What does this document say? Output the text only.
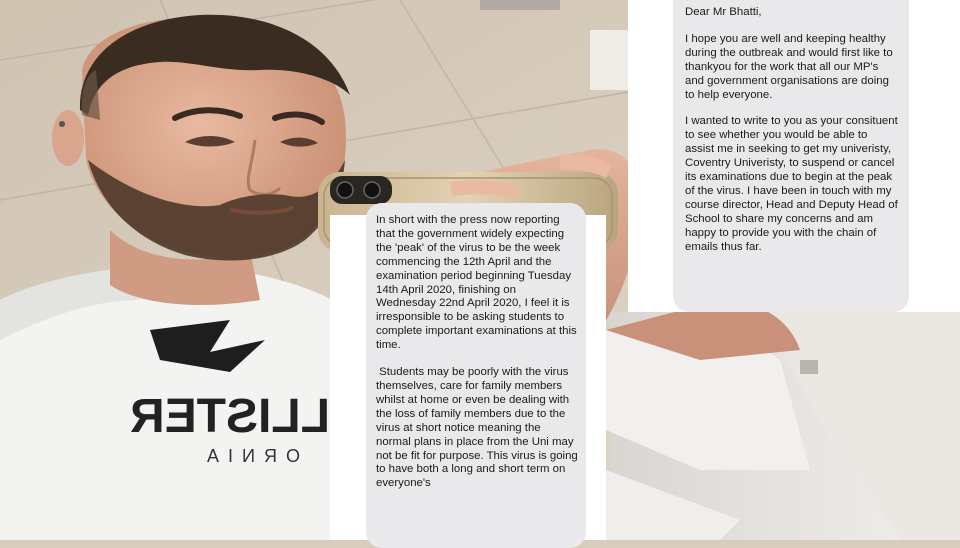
LLISTER
ORNIA

Dear Mr Bhatti,

I hope you are well and keeping healthy during the outbreak and would first like to thankyou for the work that all our MP's and government organisations are doing to help everyone.

I wanted to write to you as your consituent to see whether you would be able to assist me in seeking to get my univeristy, Coventry Univeristy, to suspend or cancel its examinations due to begin at the peak of the virus. I have been in touch with my course director, Head and Deputy Head of School to share my concerns and am happy to provide you with the chain of emails thus far.

In short with the press now reporting that the government widely expecting the 'peak' of the virus to be the week commencing the 12th April and the examination period beginning Tuesday 14th April 2020, finishing on Wednesday 22nd April 2020, I feel it is irresponsible to be asking students to complete important examinations at this time.

Students may be poorly with the virus themselves, care for family members whilst at home or even be dealing with the loss of family members due to the virus at short notice meaning the normal plans in place from the Uni may not be fit for purpose. This virus is going to have both a long and short term on everyone's
